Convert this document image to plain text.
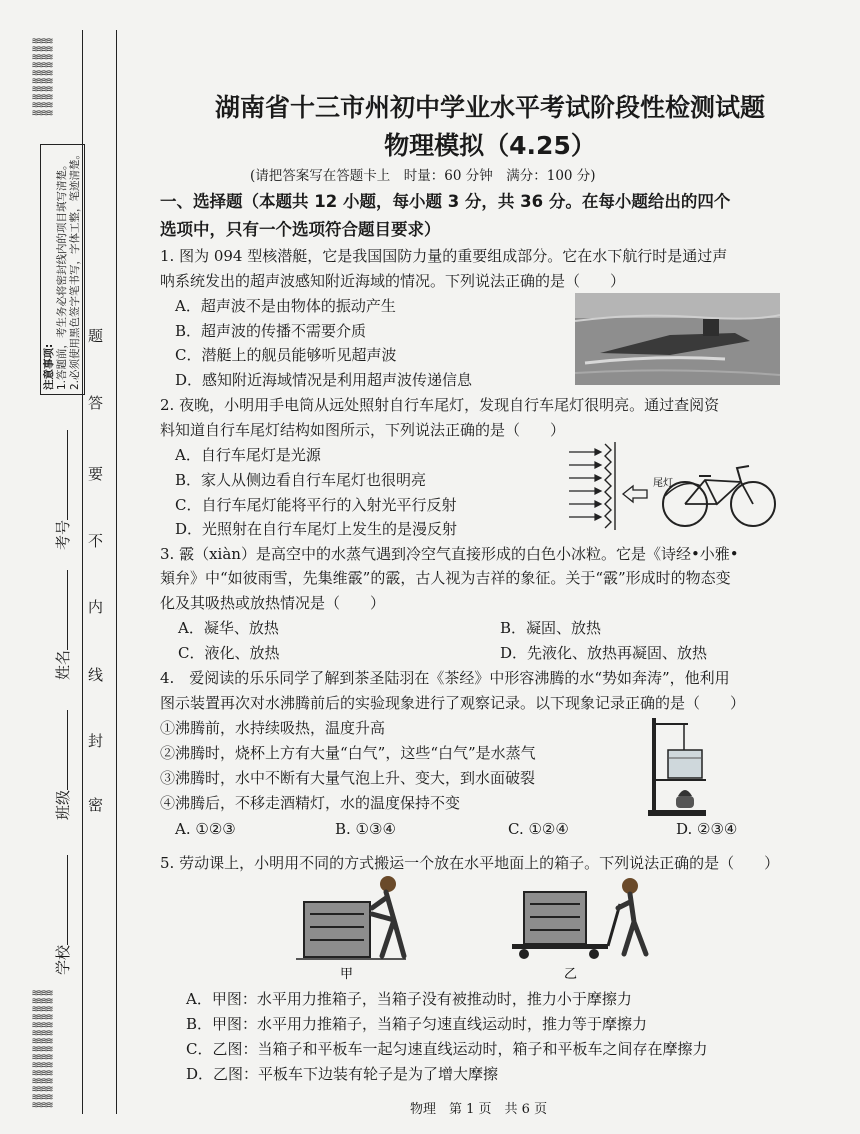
≋≋≋≋
≋≋≋≋
≋≋≋≋
≋≋≋≋
≋≋≋≋
≋≋≋≋
≋≋≋≋
≋≋≋≋
≋≋≋≋
≋≋≋≋
≋≋≋≋
≋≋≋≋
≋≋≋≋
≋≋≋≋
≋≋≋≋
≋≋≋≋
≋≋≋≋
≋≋≋≋
≋≋≋≋
≋≋≋≋
≋≋≋≋
≋≋≋≋
≋≋≋≋
≋≋≋≋
≋≋≋≋
注意事项: 1.答题前，考生务必将密封线内的项目填写清楚。 2.必须使用黑色签字笔书写，字体工整，笔迹清楚。 题
答
要
不
内
线
封
密
考号
姓名
班级
学校
湖南省十三市州初中学业水平考试阶段性检测试题
物理模拟（4.25）
(请把答案写在答题卡上　时量：60 分钟　满分：100 分)
一、选择题（本题共 12 小题，每小题 3 分，共 36 分。在每小题给出的四个
选项中，只有一个选项符合题目要求）
1. 图为 094 型核潜艇，它是我国国防力量的重要组成部分。它在水下航行时是通过声
呐系统发出的超声波感知附近海域的情况。下列说法正确的是（　　）
A．超声波不是由物体的振动产生
B．超声波的传播不需要介质
C．潜艇上的舰员能够听见超声波
D．感知附近海域情况是利用超声波传递信息
2. 夜晚，小明用手电筒从远处照射自行车尾灯，发现自行车尾灯很明亮。通过查阅资
料知道自行车尾灯结构如图所示，下列说法正确的是（　　）
A．自行车尾灯是光源
B．家人从侧边看自行车尾灯也很明亮
C．自行车尾灯能将平行的入射光平行反射
D．光照射在自行车尾灯上发生的是漫反射
尾灯
3. 霰（xiàn）是高空中的水蒸气遇到冷空气直接形成的白色小冰粒。它是《诗经•小雅•
頍弁》中“如彼雨雪，先集维霰”的霰，古人视为吉祥的象征。关于“霰”形成时的物态变
化及其吸热或放热情况是（　　）
A．凝华、放热	B．凝固、放热
C．液化、放热	D．先液化、放热再凝固、放热
4.　爱阅读的乐乐同学了解到茶圣陆羽在《茶经》中形容沸腾的水“势如奔涛”，他利用
图示装置再次对水沸腾前后的实验现象进行了观察记录。以下现象记录正确的是（　　）
①沸腾前，水持续吸热，温度升高
②沸腾时，烧杯上方有大量“白气”，这些“白气”是水蒸气
③沸腾时，水中不断有大量气泡上升、变大，到水面破裂
④沸腾后，不移走酒精灯，水的温度保持不变
A. ①②③	B. ①③④	C. ①②④	D. ②③④
5. 劳动课上，小明用不同的方式搬运一个放在水平地面上的箱子。下列说法正确的是（　　）
甲	乙
A．甲图：水平用力推箱子，当箱子没有被推动时，推力小于摩擦力
B．甲图：水平用力推箱子，当箱子匀速直线运动时，推力等于摩擦力
C．乙图：当箱子和平板车一起匀速直线运动时，箱子和平板车之间存在摩擦力
D．乙图：平板车下边装有轮子是为了增大摩擦
物理　第 1 页　共 6 页
